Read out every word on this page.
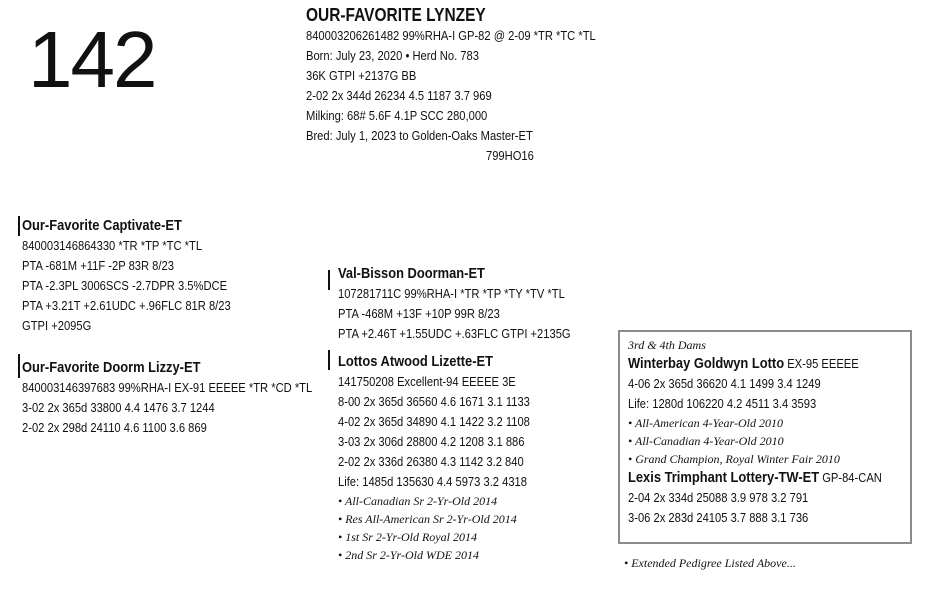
142	OUR-FAVORITE LYNZEY
840003206261482 99%RHA-I GP-82 @ 2-09 *TR *TC *TL
Born: July 23, 2020 • Herd No. 783
36K GTPI +2137G BB
2-02 2x 344d 26234 4.5 1187 3.7 969
Milking: 68# 5.6F 4.1P SCC 280,000
Bred: July 1, 2023 to Golden-Oaks Master-ET
799HO16
Our-Favorite Captivate-ET
840003146864330 *TR *TP *TC *TL
PTA -681M +11F -2P 83R 8/23
PTA -2.3PL 3006SCS -2.7DPR 3.5%DCE
PTA +3.21T +2.61UDC +.96FLC 81R 8/23
GTPI +2095G
Our-Favorite Doorm Lizzy-ET
840003146397683 99%RHA-I EX-91 EEEEE *TR *CD *TL
3-02 2x 365d 33800 4.4 1476 3.7 1244
2-02 2x 298d 24110 4.6 1100 3.6 869
Val-Bisson Doorman-ET
107281711C 99%RHA-I *TR *TP *TY *TV *TL
PTA -468M +13F +10P 99R 8/23
PTA +2.46T +1.55UDC +.63FLC GTPI +2135G
Lottos Atwood Lizette-ET
141750208 Excellent-94 EEEEE 3E
8-00 2x 365d 36560 4.6 1671 3.1 1133
4-02 2x 365d 34890 4.1 1422 3.2 1108
3-03 2x 306d 28800 4.2 1208 3.1 886
2-02 2x 336d 26380 4.3 1142 3.2 840
Life: 1485d 135630 4.4 5973 3.2 4318
• All-Canadian Sr 2-Yr-Old 2014
• Res All-American Sr 2-Yr-Old 2014
• 1st Sr 2-Yr-Old Royal 2014
• 2nd Sr 2-Yr-Old WDE 2014
3rd & 4th Dams
Winterbay Goldwyn Lotto EX-95 EEEEE
4-06 2x 365d 36620 4.1 1499 3.4 1249
Life: 1280d 106220 4.2 4511 3.4 3593
• All-American 4-Year-Old 2010
• All-Canadian 4-Year-Old 2010
• Grand Champion, Royal Winter Fair 2010
Lexis Trimphant Lottery-TW-ET GP-84-CAN
2-04 2x 334d 25088 3.9 978 3.2 791
3-06 2x 283d 24105 3.7 888 3.1 736
• Extended Pedigree Listed Above...
